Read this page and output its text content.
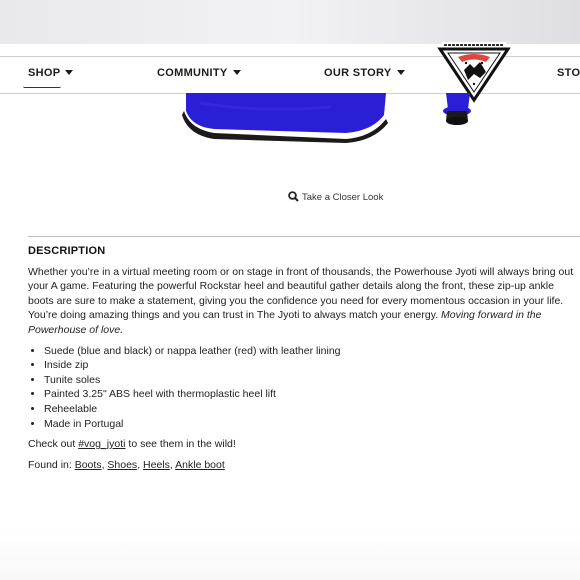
SHOP	COMMUNITY	OUR STORY	STO
Take a Closer Look
DESCRIPTION

Whether you’re in a virtual meeting room or on stage in front of thousands, the Powerhouse Jyoti will always bring out your A game. Featuring the powerful Rockstar heel and beautiful gather details along the front, these zip-up ankle boots are sure to make a statement, giving you the confidence you need for every momentous occasion in your life. You’re doing amazing things and you can trust in The Jyoti to always match your energy. Moving forward in the Powerhouse of love.

• Suede (blue and black) or nappa leather (red) with leather lining
• Inside zip
• Tunite soles
• Painted 3.25" ABS heel with thermoplastic heel lift
• Reheelable
• Made in Portugal

Check out #vog_jyoti to see them in the wild!

Found in: Boots, Shoes, Heels, Ankle boot
